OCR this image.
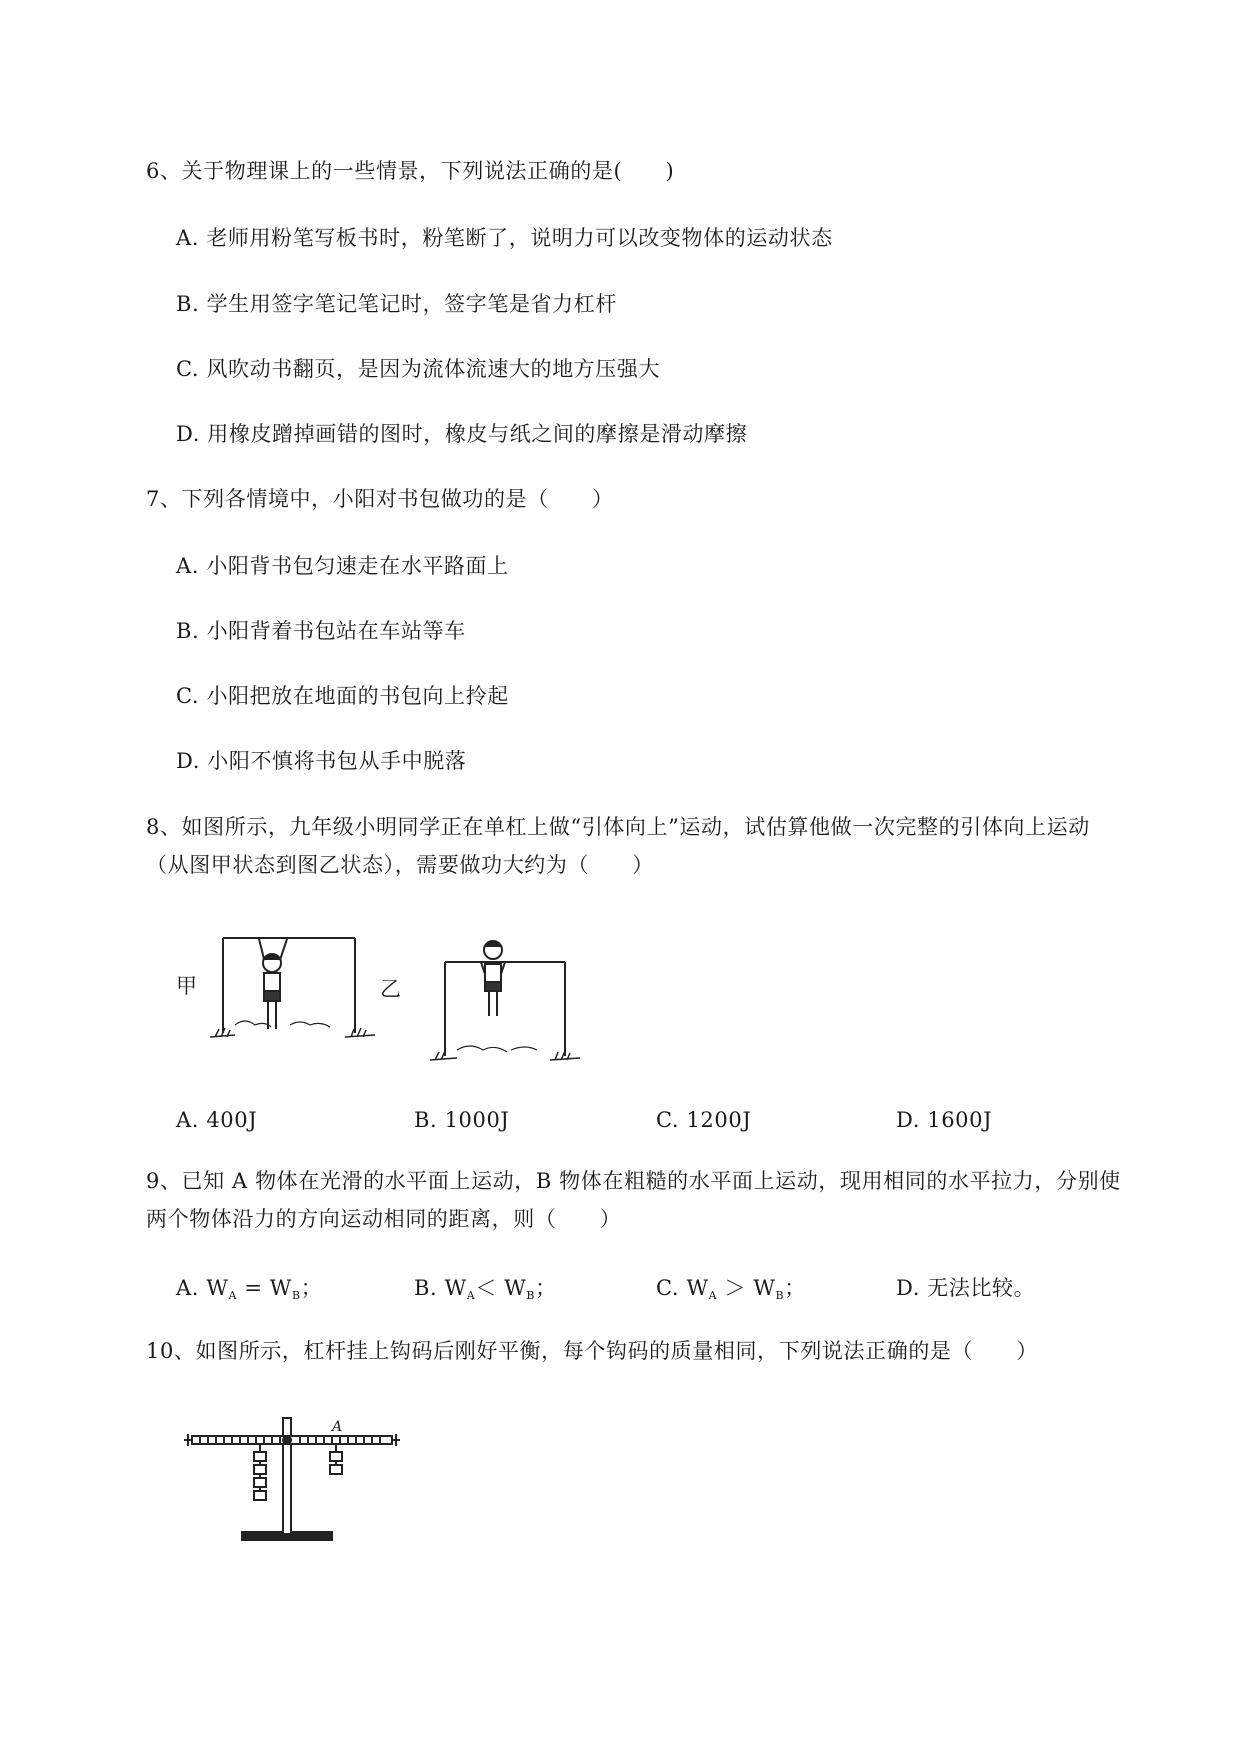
6、关于物理课上的一些情景，下列说法正确的是(　　)
A. 老师用粉笔写板书时，粉笔断了，说明力可以改变物体的运动状态
B. 学生用签字笔记笔记时，签字笔是省力杠杆
C. 风吹动书翻页，是因为流体流速大的地方压强大
D. 用橡皮蹭掉画错的图时，橡皮与纸之间的摩擦是滑动摩擦
7、下列各情境中，小阳对书包做功的是（　　）
A. 小阳背书包匀速走在水平路面上
B. 小阳背着书包站在车站等车
C. 小阳把放在地面的书包向上拎起
D. 小阳不慎将书包从手中脱落
8、如图所示，九年级小明同学正在单杠上做“引体向上”运动，试估算他做一次完整的引体向上运动
（从图甲状态到图乙状态），需要做功大约为（　　）
甲	乙
A. 400J	B. 1000J	C. 1200J	D. 1600J
9、已知 A 物体在光滑的水平面上运动，B 物体在粗糙的水平面上运动，现用相同的水平拉力，分别使
两个物体沿力的方向运动相同的距离，则（　　）
A. $W_A = W_B$；	B. $W_A< W_B$；	C. $W_A > W_B$；	D. 无法比较。
10、如图所示，杠杆挂上钩码后刚好平衡，每个钩码的质量相同，下列说法正确的是（　　）
A
